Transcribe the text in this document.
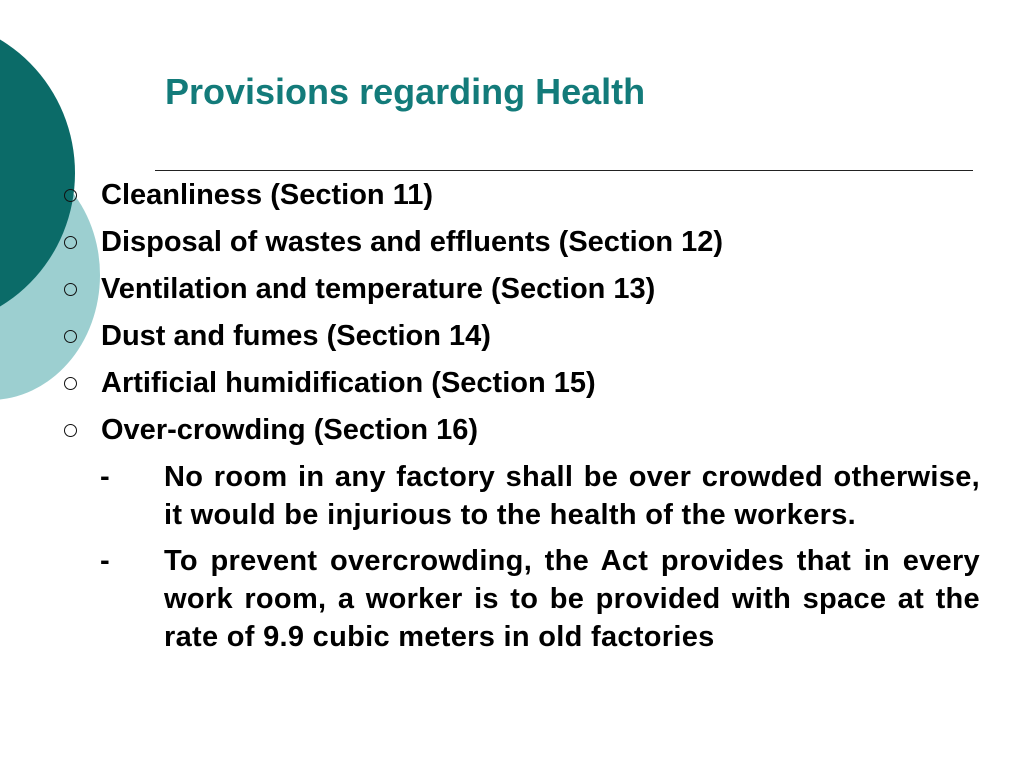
Provisions regarding Health
Cleanliness (Section 11)
Disposal of wastes and effluents (Section 12)
Ventilation and temperature (Section 13)
Dust and fumes (Section 14)
Artificial humidification (Section 15)
Over-crowding (Section 16)
- No room in any factory shall be over crowded otherwise, it would be injurious to the health of the workers.
- To prevent overcrowding, the Act provides that in every work room, a worker is to be provided with space at the rate of 9.9 cubic meters in old factories
